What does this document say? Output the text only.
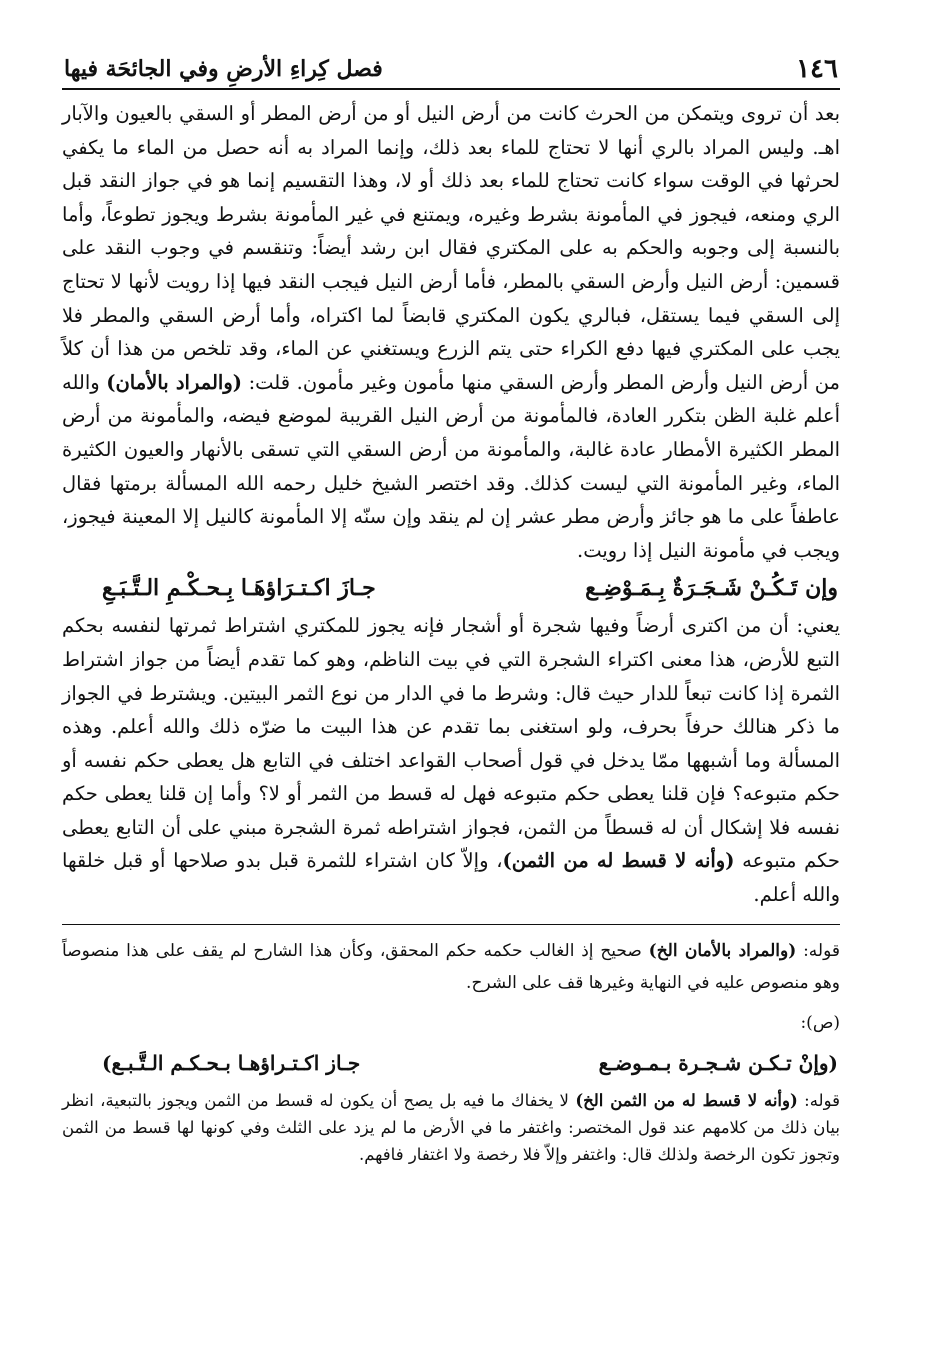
١٤٦
فصل كِراءِ الأرضِ وفي الجائحَة فيها

بعد أن تروى ويتمكن من الحرث كانت من أرض النيل أو من أرض المطر أو السقي بالعيون والآبار اهـ. وليس المراد بالري أنها لا تحتاج للماء بعد ذلك، وإنما المراد به أنه حصل من الماء ما يكفي لحرثها في الوقت سواء كانت تحتاج للماء بعد ذلك أو لا، وهذا التقسيم إنما هو في جواز النقد قبل الري ومنعه، فيجوز في المأمونة بشرط وغيره، ويمتنع في غير المأمونة بشرط ويجوز تطوعاً، وأما بالنسبة إلى وجوبه والحكم به على المكتري فقال ابن رشد أيضاً: وتنقسم في وجوب النقد على قسمين: أرض النيل وأرض السقي بالمطر، فأما أرض النيل فيجب النقد فيها إذا رويت لأنها لا تحتاج إلى السقي فيما يستقل، فبالري يكون المكتري قابضاً لما اكتراه، وأما أرض السقي والمطر فلا يجب على المكتري فيها دفع الكراء حتى يتم الزرع ويستغني عن الماء، وقد تلخص من هذا أن كلاً من أرض النيل وأرض المطر وأرض السقي منها مأمون وغير مأمون. قلت: (والمراد بالأمان) والله أعلم غلبة الظن بتكرر العادة، فالمأمونة من أرض النيل القريبة لموضع فيضه، والمأمونة من أرض المطر الكثيرة الأمطار عادة غالبة، والمأمونة من أرض السقي التي تسقى بالأنهار والعيون الكثيرة الماء، وغير المأمونة التي ليست كذلك. وقد اختصر الشيخ خليل رحمه الله المسألة برمتها فقال عاطفاً على ما هو جائز وأرض مطر عشر إن لم ينقد وإن سنّه إلا المأمونة كالنيل إلا المعينة فيجوز، ويجب في مأمونة النيل إذا رويت.

وإن تَـكُـنْ شَـجَـرَةٌ بِـمَـوْضِـع
جـازَ اكـتـرَاؤهَـا بِـحـكْـمِ الـتَّـبَـعِ

يعني: أن من اكترى أرضاً وفيها شجرة أو أشجار فإنه يجوز للمكتري اشتراط ثمرتها لنفسه بحكم التبع للأرض، هذا معنى اكتراء الشجرة التي في بيت الناظم، وهو كما تقدم أيضاً من جواز اشتراط الثمرة إذا كانت تبعاً للدار حيث قال: وشرط ما في الدار من نوع الثمر البيتين. ويشترط في الجواز ما ذكر هنالك حرفاً بحرف، ولو استغنى بما تقدم عن هذا البيت ما ضرّه ذلك والله أعلم. وهذه المسألة وما أشبهها ممّا يدخل في قول أصحاب القواعد اختلف في التابع هل يعطى حكم نفسه أو حكم متبوعه؟ فإن قلنا يعطى حكم متبوعه فهل له قسط من الثمر أو لا؟ وأما إن قلنا يعطى حكم نفسه فلا إشكال أن له قسطاً من الثمن، فجواز اشتراطه ثمرة الشجرة مبني على أن التابع يعطى حكم متبوعه (وأنه لا قسط له من الثمن)، وإلاّ كان اشتراء للثمرة قبل بدو صلاحها أو قبل خلقها والله أعلم.

قوله: (والمراد بالأمان الخ) صحيح إذ الغالب حكمه حكم المحقق، وكأن هذا الشارح لم يقف على هذا منصوصاً وهو منصوص عليه في النهاية وغيرها قف على الشرح.

(ص):

(وإنْ تـكـن شـجـرة بـمـوضـع
جـاز اكـتـراؤهـا بـحـكـم الـتَّـبـع)
قوله: (وأنه لا قسط له من الثمن الخ) لا يخفاك ما فيه بل يصح أن يكون له قسط من الثمن ويجوز بالتبعية، انظر بيان ذلك من كلامهم عند قول المختصر: واغتفر ما في الأرض ما لم يزد على الثلث وفي كونها لها قسط من الثمن وتجوز تكون الرخصة ولذلك قال: واغتفر وإلاّ فلا رخصة ولا اغتفار فافهم.
